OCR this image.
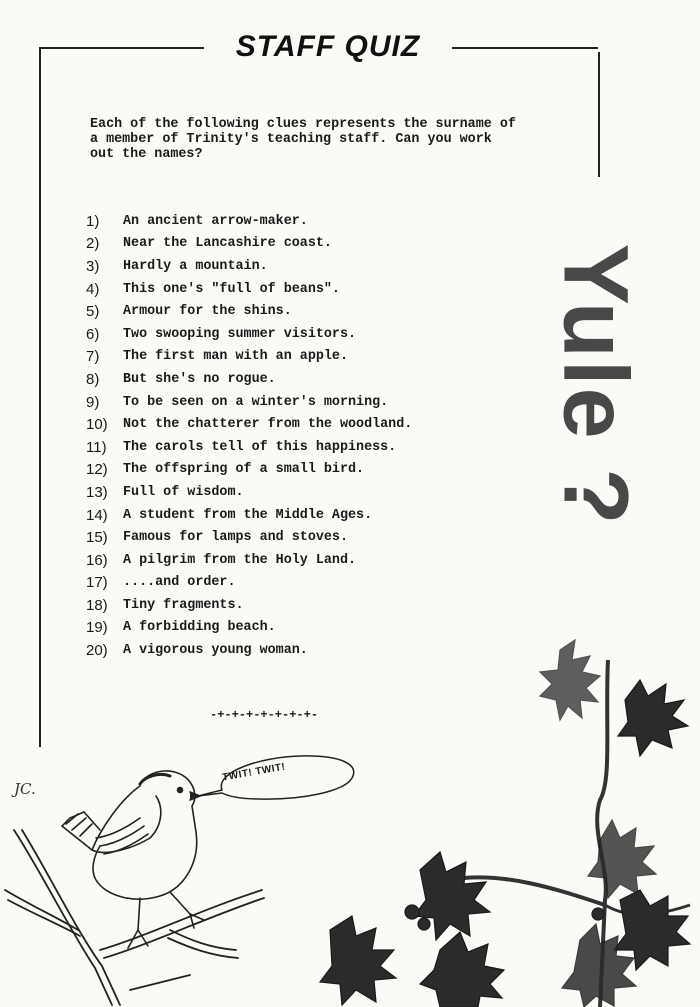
STAFF QUIZ
Each of the following clues represents the surname of
a member of Trinity's teaching staff. Can you work
out the names?
1)	An ancient arrow-maker.
2)	Near the Lancashire coast.
3)	Hardly a mountain.
4)	This one's "full of beans".
5)	Armour for the shins.
6)	Two swooping summer visitors.
7)	The first man with an apple.
8)	But she's no rogue.
9)	To be seen on a winter's morning.
10)	Not the chatterer from the woodland.
11)	The carols tell of this happiness.
12)	The offspring of a small bird.
13)	Full of wisdom.
14)	A student from the Middle Ages.
15)	Famous for lamps and stoves.
16)	A pilgrim from the Holy Land.
17)	....and order.
18)	Tiny fragments.
19)	A forbidding beach.
20)	A vigorous young woman.
-+-+-+-+-+-+-+-
Yule ?
JC.
TWIT! TWIT!
